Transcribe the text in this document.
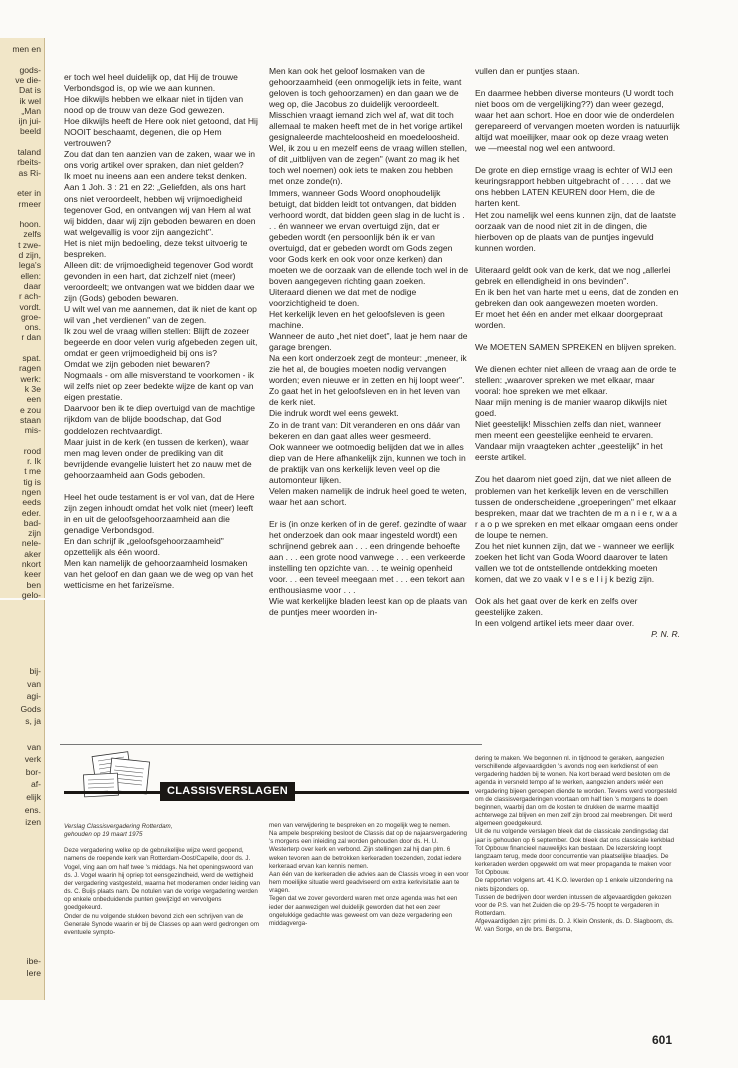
men en
gods-
ve die-
Dat is
ik wel
„Man
ijn jui-
beeld
taland
rbeits-
as Ri-
eter in
rmeer
hoon.
zelfs
t zwe-
d zijn,
lega's
ellen:
daar
r ach-
vordt.
groe-
ons.
r dan
spat.
ragen
werk:
k 3e
een
e zou
staan
mis-
rood
r. Ik
t me
tig is
ngen
eeds
eder.
bad-
zijn
nele-
aker
nkort
keer
ben
gelo-
bij-
van
agi-
Gods
s, ja
van
verk
bor-
af-
elijk
ens.
izen
ibe-
lere

er toch wel heel duidelijk op, dat Hij de trouwe Verbondsgod is, op wie we aan kunnen.

Hoe dikwijls hebben we elkaar niet in tijden van nood op de trouw van deze God gewezen.

Hoe dikwijls heeft de Here ook niet getoond, dat Hij NOOIT beschaamt, degenen, die op Hem vertrouwen?

Zou dat dan ten aanzien van de zaken, waar we in ons vorig artikel over spraken, dan niet gelden?

Ik moet nu ineens aan een andere tekst denken.

Aan 1 Joh. 3 : 21 en 22: „Geliefden, als ons hart ons niet veroordeelt, hebben wij vrijmoedigheid tegenover God, en ontvangen wij van Hem al wat wij bidden, daar wij zijn geboden bewaren en doen wat welgevallig is voor zijn aangezicht".

Het is niet mijn bedoeling, deze tekst uitvoerig te bespreken.

Alleen dit: de vrijmoedigheid tegenover God wordt gevonden in een hart, dat zichzelf niet (meer) veroordeelt; we ontvangen wat we bidden daar we zijn (Gods) geboden bewaren.

U wilt wel van me aannemen, dat ik niet de kant op wil van „het verdienen" van de zegen.

Ik zou wel de vraag willen stellen: Blijft de zozeer begeerde en door velen vurig afgebeden zegen uit, omdat er geen vrijmoedigheid bij ons is?

Omdat we zijn geboden niet bewaren?

Nogmaals - om alle misverstand te voorkomen - ik wil zelfs niet op zeer bedekte wijze de kant op van eigen prestatie.

Daarvoor ben ik te diep overtuigd van de machtige rijkdom van de blijde boodschap, dat God goddelozen rechtvaardigt.

Maar juist in de kerk (en tussen de kerken), waar men mag leven onder de prediking van dit bevrijdende evangelie luistert het zo nauw met de gehoorzaamheid aan Gods geboden.

Heel het oude testament is er vol van, dat de Here zijn zegen inhoudt omdat het volk niet (meer) leeft in en uit de geloofsgehoorzaamheid aan die genadige Verbondsgod.

En dan schrijf ik „geloofsgehoorzaamheid" opzettelijk als één woord.

Men kan namelijk de gehoorzaamheid losmaken van het geloof en dan gaan we de weg op van het wetticisme en het farizeïsme.

Men kan ook het geloof losmaken van de gehoorzaamheid (een onmogelijk iets in feite, want geloven is toch gehoorzamen) en dan gaan we de weg op, die Jacobus zo duidelijk veroordeelt.

Misschien vraagt iemand zich wel af, wat dit toch allemaal te maken heeft met de in het vorige artikel gesignaleerde machteloosheid en moedeloosheid. Wel, ik zou u en mezelf eens de vraag willen stellen, of dit „uitblijven van de zegen" (want zo mag ik het toch wel noemen) ook iets te maken zou hebben met onze zonde(n).

Immers, wanneer Gods Woord onophoudelijk betuigt, dat bidden leidt tot ontvangen, dat bidden verhoord wordt, dat bidden geen slag in de lucht is . . . én wanneer we ervan overtuigd zijn, dat er gebeden wordt (en persoonlijk bén ik er van overtuigd, dat er gebeden wordt om Gods zegen voor Gods kerk en ook voor onze kerken) dan moeten we de oorzaak van de ellende toch wel in de boven aangegeven richting gaan zoeken.

Uiteraard dienen we dat met de nodige voorzichtigheid te doen.

Het kerkelijk leven en het geloofsleven is geen machine.

Wanneer de auto „het niet doet", laat je hem naar de garage brengen.

Na een kort onderzoek zegt de monteur: „meneer, ik zie het al, de bougies moeten nodig vervangen worden; even nieuwe er in zetten en hij loopt weer".

Zo gaat het in het geloofsleven en in het leven van de kerk niet.

Die indruk wordt wel eens gewekt.

Zo in de trant van: Dit veranderen en ons dáár van bekeren en dan gaat alles weer gesmeerd.

Ook wanneer we ootmoedig belijden dat we in alles diep van de Here afhankelijk zijn, kunnen we toch in de praktijk van ons kerkelijk leven veel op die automonteur lijken.

Velen maken namelijk de indruk heel goed te weten, waar het aan schort.

Er is (in onze kerken of in de geref. gezindte of waar het onderzoek dan ook maar ingesteld wordt) een schrijnend gebrek aan . . . een dringende behoefte aan . . . een grote nood vanwege . . . een verkeerde instelling ten opzichte van. . . te weinig openheid voor. . . een teveel meegaan met . . . een tekort aan enthousiasme voor . . .

Wie wat kerkelijke bladen leest kan op de plaats van de puntjes meer woorden in-

vullen dan er puntjes staan.

En daarmee hebben diverse monteurs (U wordt toch niet boos om de vergelijking??) dan weer gezegd, waar het aan schort. Hoe en door wie de onderdelen gerepareerd of vervangen moeten worden is natuurlijk altijd wat moeilijker, maar ook op deze vraag weten we —meestal nog wel een antwoord.

De grote en diep ernstige vraag is echter of WIJ een keuringsrapport hebben uitgebracht of . . . . . dat we ons hebben LATEN KEUREN door Hem, die de harten kent.

Het zou namelijk wel eens kunnen zijn, dat de laatste oorzaak van de nood niet zit in de dingen, die hierboven op de plaats van de puntjes ingevuld kunnen worden.

Uiteraard geldt ook van de kerk, dat we nog „allerlei gebrek en ellendigheid in ons bevinden".

En ik ben het van harte met u eens, dat de zonden en gebreken dan ook aangewezen moeten worden.

Er moet het één en ander met elkaar doorgepraat worden.

We MOETEN SAMEN SPREKEN en blijven spreken.

We dienen echter niet alleen de vraag aan de orde te stellen: „waarover spreken we met elkaar, maar vooral: hoe spreken we met elkaar.

Naar mijn mening is de manier waarop dikwijls niet goed.

Niet geestelijk! Misschien zelfs dan niet, wanneer men meent een geestelijke eenheid te ervaren. Vandaar mijn vraagteken achter „geestelijk" in het eerste artikel.

Zou het daarom niet goed zijn, dat we niet alleen de problemen van het kerkelijk leven en de verschillen tussen de onderscheidene „groeperingen" met elkaar bespreken, maar dat we trachten de m a n i e r, w a a r a o p we spreken en met elkaar omgaan eens onder de loupe te nemen.

Zou het niet kunnen zijn, dat we - wanneer we eerlijk zoeken het licht van Goda Woord daarover te laten vallen we tot de ontstellende ontdekking moeten komen, dat we zo vaak v l e s e l i j k bezig zijn.

Ook als het gaat over de kerk en zelfs over geestelijke zaken.

In een volgend artikel iets meer daar over.

P. N. R.

CLASSISVERSLAGEN

Verslag Classisvergadering Rotterdam,

gehouden op 19 maart 1975

Deze vergadering welke op de gebruikelijke wijze werd geopend, namens de roepende kerk van Rotterdam-Oost/Capelle, door ds. J. Vogel, ving aan om half twee 's middags. Na het openingswoord van ds. J. Vogel waarin hij opriep tot eensgezindheid, werd de wettigheid der vergadering vastgesteld, waarna het moderamen onder leiding van ds. C. Buijs plaats nam. De notulen van de vorige vergadering werden op enkele onbeduidende punten gewijzigd en vervolgens goedgekeurd.

Onder de nu volgende stukken bevond zich een schrijven van de Generale Synode waarin er bij de Classes op aan werd gedrongen om eventuele sympto-

men van verwijdering te bespreken en zo mogelijk weg te nemen.

Na ampele bespreking besloot de Classis dat op de najaarsvergadering 's morgens een inleiding zal worden gehouden door ds. H. U. Westerterp over kerk en verbond. Zijn stellingen zal hij dan plm. 6 weken tevoren aan de betrokken kerkeraden toezenden, zodat iedere kerkeraad ervan kan kennis nemen.

Aan één van de kerkeraden die advies aan de Classis vroeg in een voor hem moeilijke situatie werd geadviseerd om extra kerkvisitatie aan te vragen.

Tegen dat we zover gevorderd waren met onze agenda was het een ieder der aanwezigen wel duidelijk geworden dat het een zeer ongelukkige gedachte was geweest om van deze vergadering een middagverga-

dering te maken. We begonnen nl. in tijdnood te geraken, aangezien verschillende afgevaardigden 's avonds nog een kerkdienst of een vergadering hadden bij te wonen. Na kort beraad werd besloten om de agenda in versneld tempo af te werken, aangezien anders wéér een vergadering bijeen geroepen diende te worden. Tevens werd voorgesteld om de classisvergaderingen voortaan om half tien 's morgens te doen beginnen, waarbij dan om de kosten te drukken de warme maaltijd achterwege zal blijven en men zelf zijn brood zal meebrengen. Dit werd algemeen goedgekeurd.

Uit de nu volgende verslagen bleek dat de classicale zendingsdag dat jaar is gehouden op 6 september. Ook bleek dat ons classicale kerkblad Tot Opbouw financieel nauwelijks kan bestaan. De lezerskring loopt langzaam terug, mede door concurrentie van plaatselijke blaadjes. De kerkeraden werden opgewekt om wat meer propaganda te maken voor Tot Opbouw.

De rapporten volgens art. 41 K.O. leverden op 1 enkele uitzondering na niets bijzonders op.

Tussen de bedrijven door werden intussen de afgevaardigden gekozen voor de P.S. van het Zuiden die op 29-5-'75 hoopt te vergaderen in Rotterdam.

Afgevaardigden zijn: primi ds. D. J. Klein Onstenk, ds. D. Slagboom, ds. W. van Sorge, en de brs. Bergsma,

601
